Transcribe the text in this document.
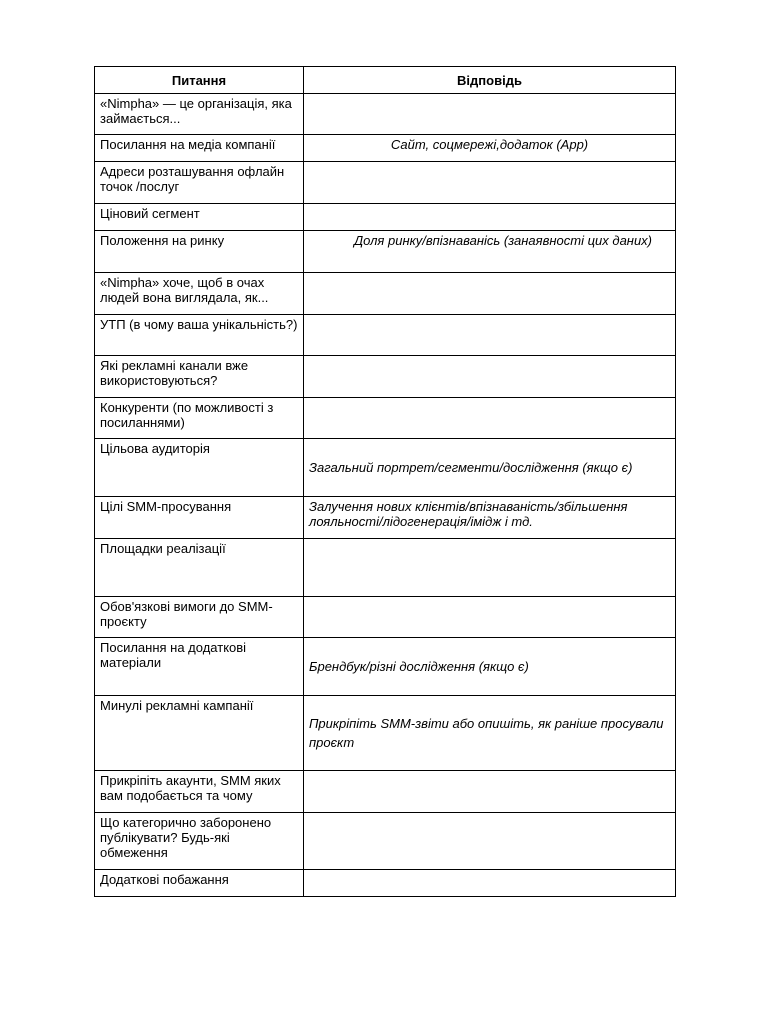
Питання	Відповідь
«Nimpha» — це організація, яка займається...	
Посилання на медіа компанії	Сайт, соцмережі,додаток (App)
Адреси розташування офлайн точок /послуг	
Ціновий сегмент	
Положення на ринку	Доля ринку/впізнаванісь (занаявності цих даних)
«Nimpha» хоче, щоб в очах людей вона виглядала, як...	
УТП (в чому ваша унікальність?)	
Які рекламні канали вже використовуються?	
Конкуренти (по можливості з посиланнями)	
Цільова аудиторія	Загальний портрет/сегменти/дослідження (якщо є)
Цілі SMM-просування	Залучення нових клієнтів/впізнаваність/збільшення лояльності/лідогенерація/імідж і тд.
Площадки реалізації	
Обов'язкові вимоги до SMM-проєкту	
Посилання на додаткові матеріали	Брендбук/різні дослідження (якщо є)
Минулі рекламні кампанії	Прикріпіть SMM-звіти або опишіть, як раніше просували проєкт
Прикріпіть акаунти, SMM яких вам подобається та чому	
Що категорично заборонено публікувати? Будь-які обмеження	
Додаткові побажання	
